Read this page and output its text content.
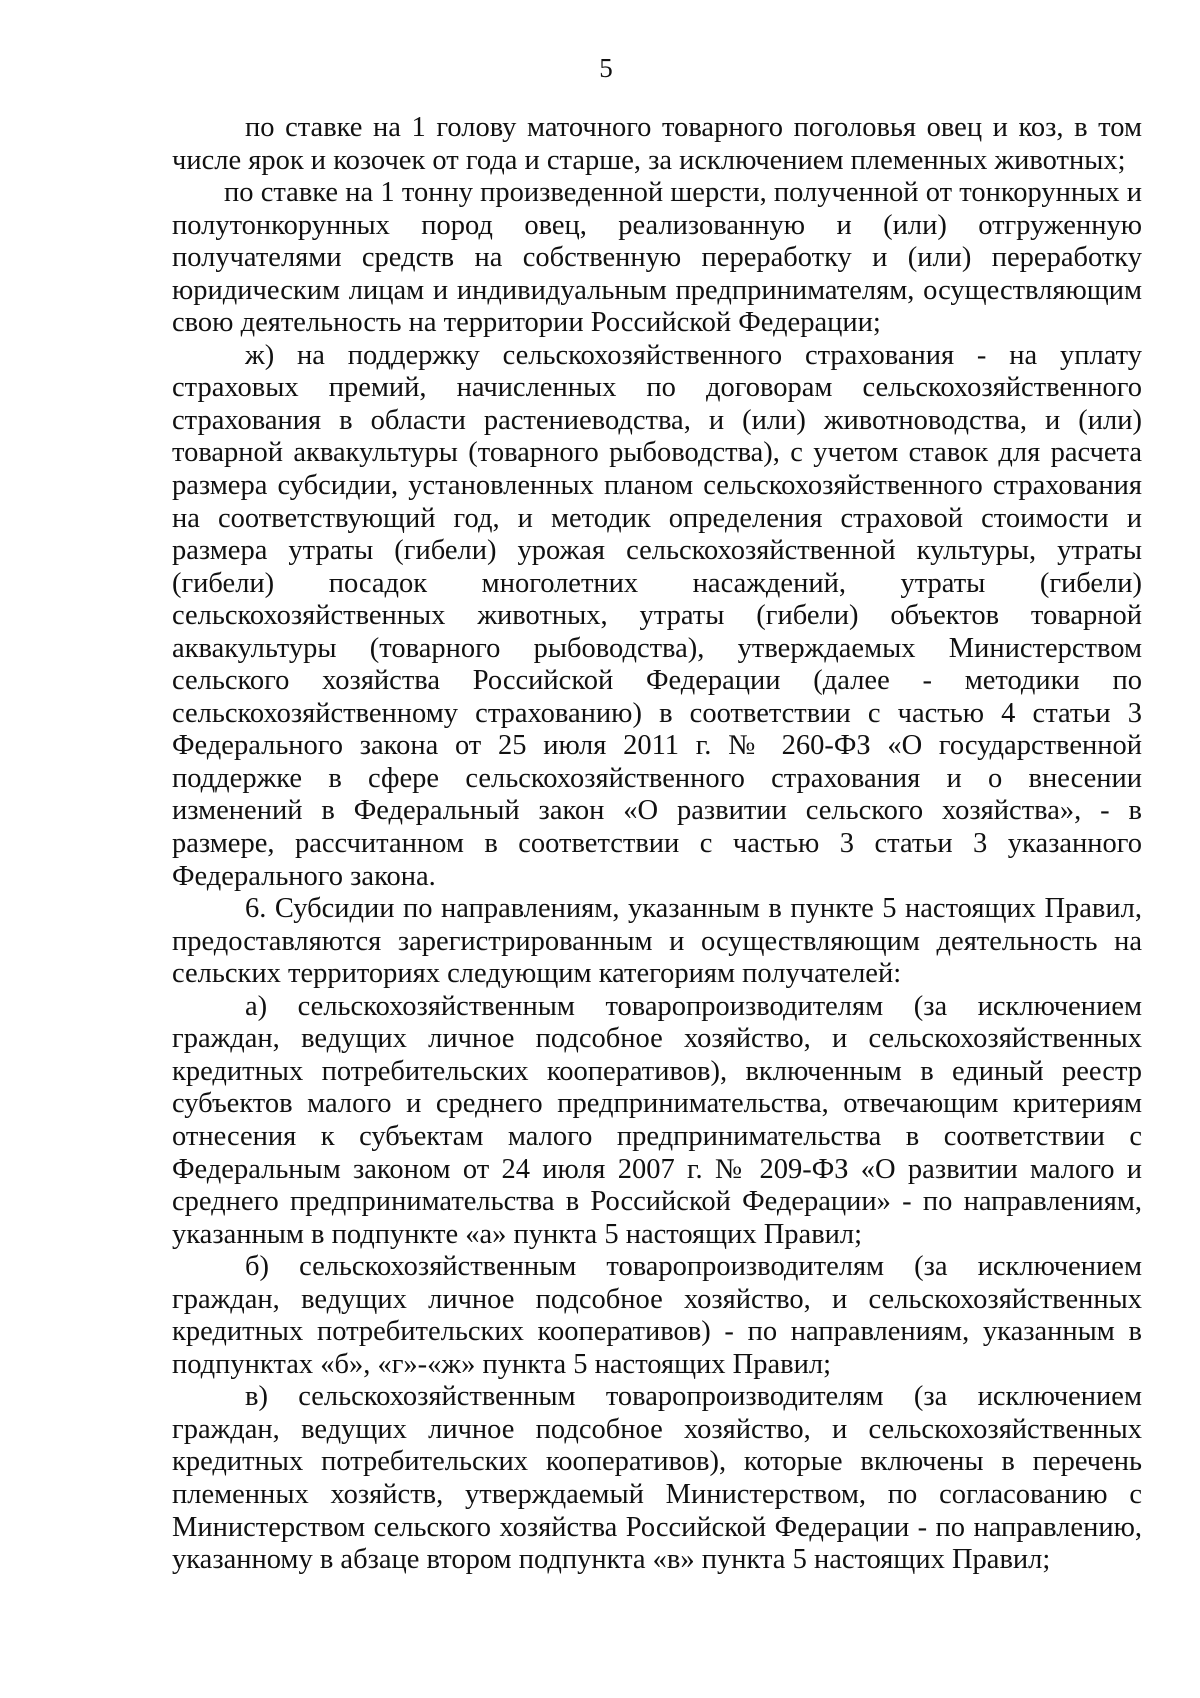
5

по ставке на 1 голову маточного товарного поголовья овец и коз, в том числе ярок и козочек от года и старше, за исключением племенных животных;

по ставке на 1 тонну произведенной шерсти, полученной от тонкорунных и полутонкорунных пород овец, реализованную и (или) отгруженную получателями средств на собственную переработку и (или) переработку юридическим лицам и индивидуальным предпринимателям, осуществляющим свою деятельность на территории Российской Федерации;

ж) на поддержку сельскохозяйственного страхования - на уплату страховых премий, начисленных по договорам сельскохозяйственного страхования в области растениеводства, и (или) животноводства, и (или) товарной аквакультуры (товарного рыбоводства), с учетом ставок для расчета размера субсидии, установленных планом сельскохозяйственного страхования на соответствующий год, и методик определения страховой стоимости и размера утраты (гибели) урожая сельскохозяйственной культуры, утраты (гибели) посадок многолетних насаждений, утраты (гибели) сельскохозяйственных животных, утраты (гибели) объектов товарной аквакультуры (товарного рыбоводства), утверждаемых Министерством сельского хозяйства Российской Федерации (далее - методики по сельскохозяйственному страхованию) в соответствии с частью 4 статьи 3 Федерального закона от 25 июля 2011 г. № 260-ФЗ «О государственной поддержке в сфере сельскохозяйственного страхования и о внесении изменений в Федеральный закон «О развитии сельского хозяйства», - в размере, рассчитанном в соответствии с частью 3 статьи 3 указанного Федерального закона.

6. Субсидии по направлениям, указанным в пункте 5 настоящих Правил, предоставляются зарегистрированным и осуществляющим деятельность на сельских территориях следующим категориям получателей:

а) сельскохозяйственным товаропроизводителям (за исключением граждан, ведущих личное подсобное хозяйство, и сельскохозяйственных кредитных потребительских кооперативов), включенным в единый реестр субъектов малого и среднего предпринимательства, отвечающим критериям отнесения к субъектам малого предпринимательства в соответствии с Федеральным законом от 24 июля 2007 г. № 209-ФЗ «О развитии малого и среднего предпринимательства в Российской Федерации» - по направлениям, указанным в подпункте «а» пункта 5 настоящих Правил;

б) сельскохозяйственным товаропроизводителям (за исключением граждан, ведущих личное подсобное хозяйство, и сельскохозяйственных кредитных потребительских кооперативов) - по направлениям, указанным в подпунктах «б», «г»-«ж» пункта 5 настоящих Правил;

в) сельскохозяйственным товаропроизводителям (за исключением граждан, ведущих личное подсобное хозяйство, и сельскохозяйственных кредитных потребительских кооперативов), которые включены в перечень племенных хозяйств, утверждаемый Министерством, по согласованию с Министерством сельского хозяйства Российской Федерации - по направлению, указанному в абзаце втором подпункта «в» пункта 5 настоящих Правил;
